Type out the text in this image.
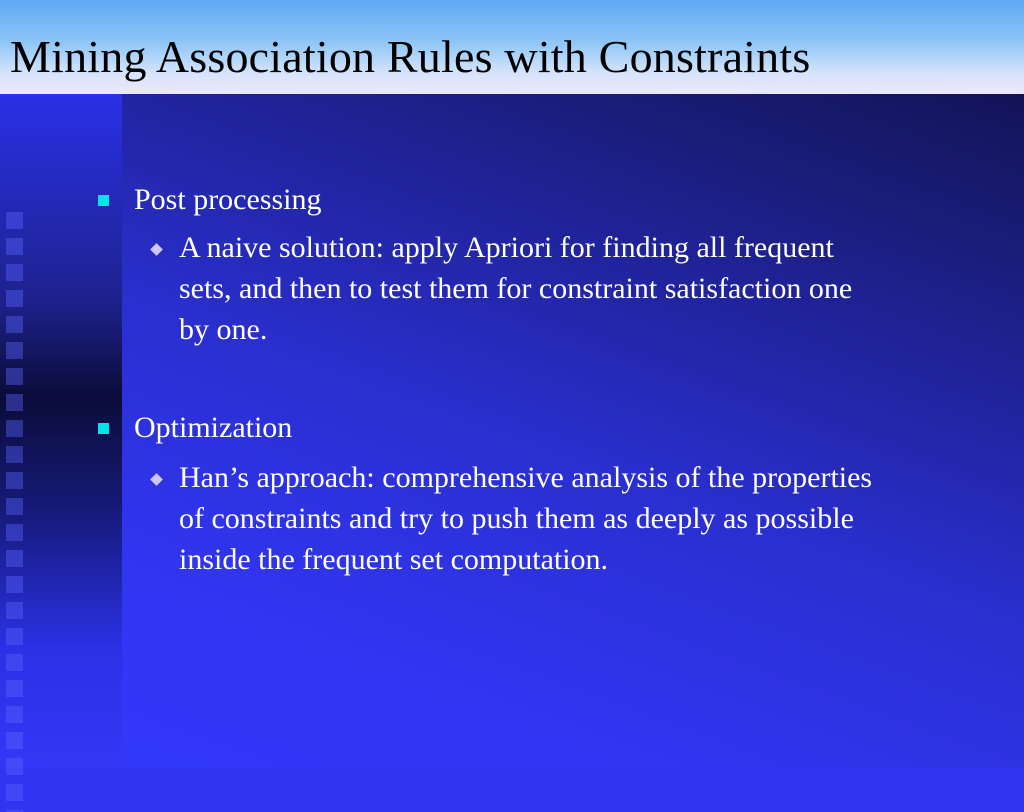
Mining Association Rules with Constraints
Post processing
A naive solution: apply Apriori for finding all frequent sets, and then to test them for constraint satisfaction one by one.
Optimization
Han’s approach: comprehensive analysis of the properties of constraints and try to push them as deeply as possible inside the frequent set computation.
